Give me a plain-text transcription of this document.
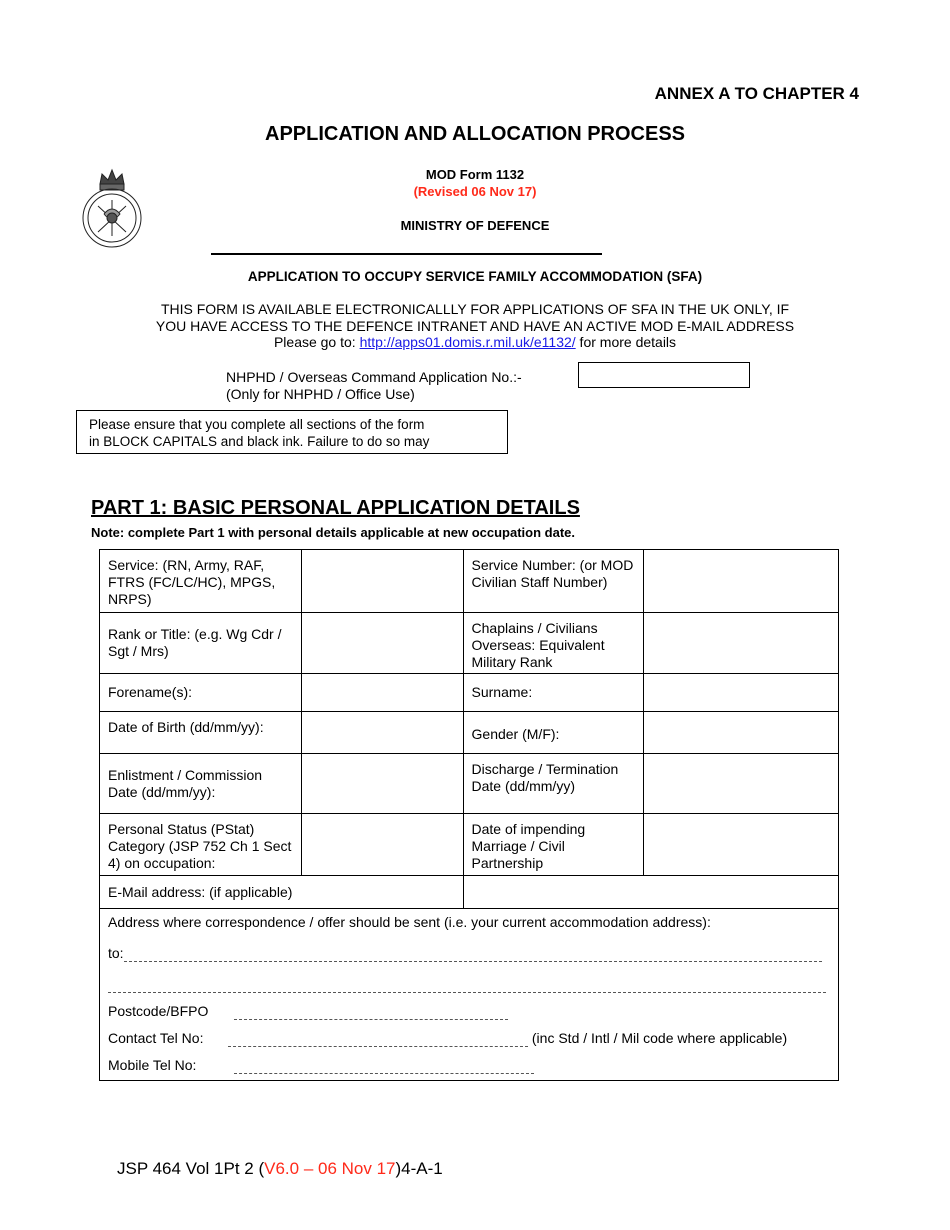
ANNEX A TO CHAPTER 4
APPLICATION AND ALLOCATION PROCESS
MOD Form 1132
(Revised 06 Nov 17)
MINISTRY OF DEFENCE
APPLICATION TO OCCUPY SERVICE FAMILY ACCOMMODATION (SFA)
THIS FORM IS AVAILABLE ELECTRONICALLLY FOR APPLICATIONS OF SFA IN THE UK ONLY, IF
YOU HAVE ACCESS TO THE DEFENCE INTRANET AND HAVE AN ACTIVE MOD E-MAIL ADDRESS
Please go to: http://apps01.domis.r.mil.uk/e1132/ for more details
NHPHD / Overseas Command Application No.:-
(Only for NHPHD / Office Use)
Please ensure that you complete all sections of the form
in BLOCK CAPITALS and black ink. Failure to do so may
PART 1: BASIC PERSONAL APPLICATION DETAILS
Note: complete Part 1 with personal details applicable at new occupation date.
Service: (RN, Army, RAF, FTRS (FC/LC/HC), MPGS, NRPS)		Service Number: (or MOD Civilian Staff Number)	
Rank or Title: (e.g. Wg Cdr / Sgt / Mrs)		Chaplains / Civilians Overseas: Equivalent Military Rank	
Forename(s):		Surname:	
Date of Birth (dd/mm/yy):		Gender (M/F):	
Enlistment / Commission Date (dd/mm/yy):		Discharge / Termination Date (dd/mm/yy)	
Personal Status (PStat) Category (JSP 752 Ch 1 Sect 4) on occupation:		Date of impending Marriage / Civil Partnership	
E-Mail address: (if applicable)			

Address where correspondence / offer should be sent (i.e. your current accommodation address):
to:
Postcode/BFPO
Contact Tel No: (inc Std / Intl / Mil code where applicable)
Mobile Tel No:			
JSP 464 Vol 1Pt 2 (V6.0 – 06 Nov 17)4-A-1
